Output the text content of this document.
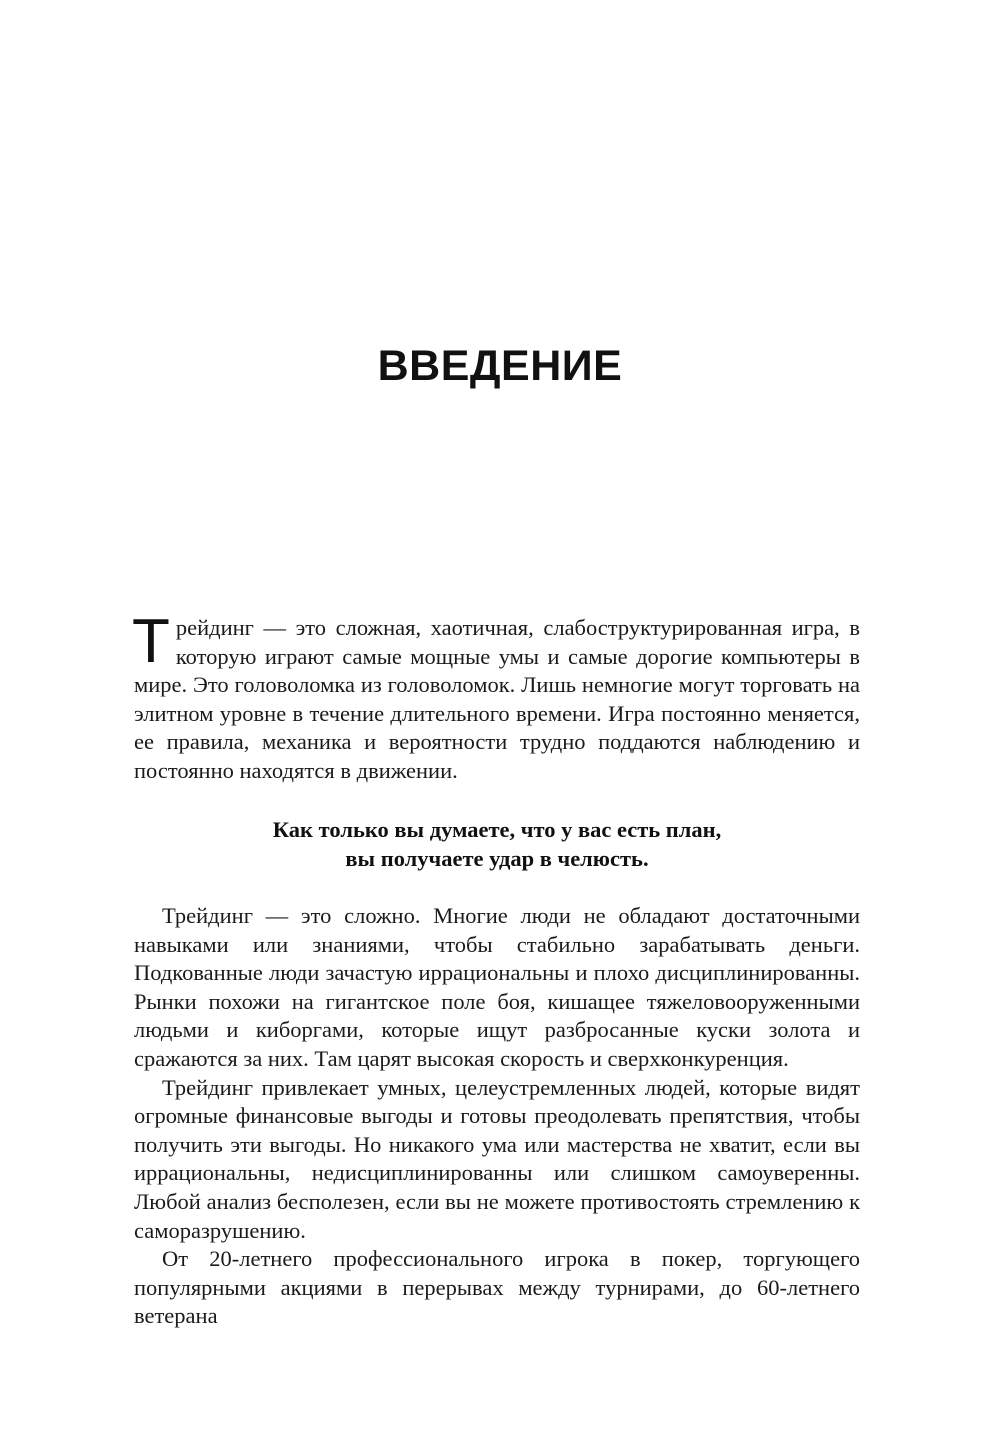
ВВЕДЕНИЕ
Трейдинг — это сложная, хаотичная, слабоструктурированная игра, в которую играют самые мощные умы и самые дорогие компьютеры в мире. Это головоломка из головоломок. Лишь немногие могут торговать на элитном уровне в течение длительного времени. Игра постоянно меняется, ее правила, механика и вероятности трудно поддаются наблюдению и постоянно находятся в движении.
Как только вы думаете, что у вас есть план,
вы получаете удар в челюсть.

Трейдинг — это сложно. Многие люди не обладают достаточными навыками или знаниями, чтобы стабильно зарабатывать деньги. Подкованные люди зачастую иррациональны и плохо дисциплинированны. Рынки похожи на гигантское поле боя, кишащее тяжеловооруженными людьми и киборгами, которые ищут разбросанные куски золота и сражаются за них. Там царят высокая скорость и сверхконкуренция.

Трейдинг привлекает умных, целеустремленных людей, которые видят огромные финансовые выгоды и готовы преодолевать препятствия, чтобы получить эти выгоды. Но никакого ума или мастерства не хватит, если вы иррациональны, недисциплинированны или слишком самоуверенны. Любой анализ бесполезен, если вы не можете противостоять стремлению к саморазрушению.

От 20-летнего профессионального игрока в покер, торгующего популярными акциями в перерывах между турнирами, до 60-летнего ветерана
